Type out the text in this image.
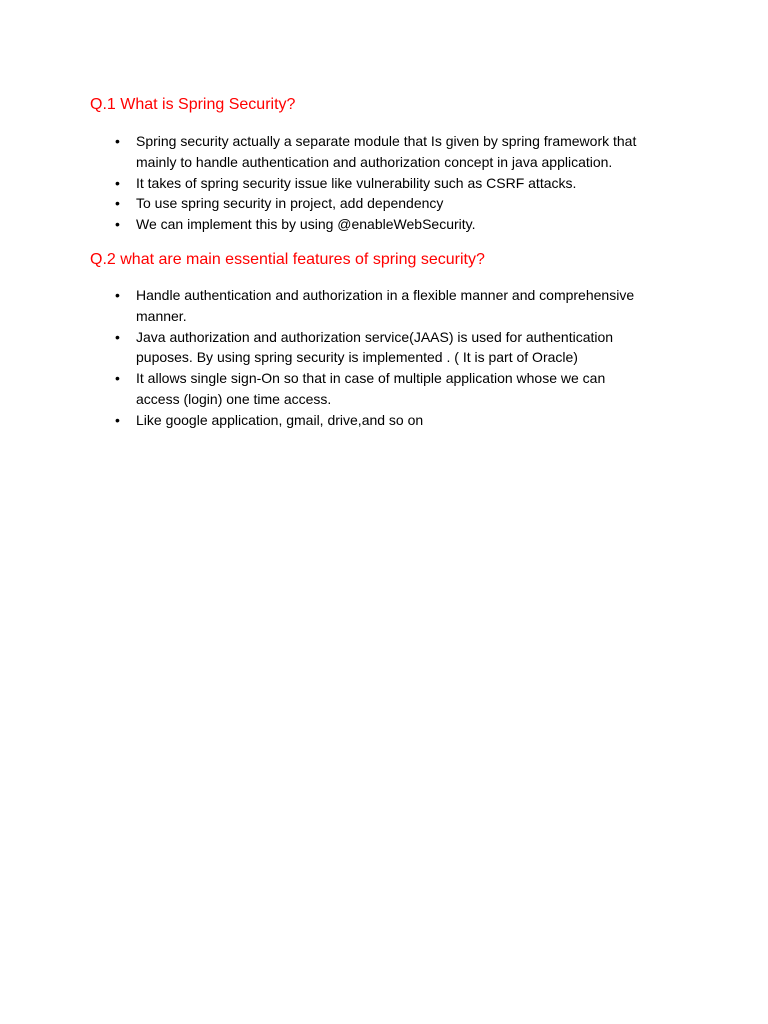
Q.1 What is Spring Security?
• Spring security actually a separate module that Is given by spring framework that
mainly to handle authentication and authorization concept in java application.
• It takes of spring security issue like vulnerability such as CSRF attacks.
• To use spring security in project, add dependency
• We can implement this by using @enableWebSecurity.
Q.2 what are main essential features of spring security?
• Handle authentication and authorization in a flexible manner and comprehensive
manner.
• Java authorization and authorization service(JAAS) is used for authentication
puposes. By using spring security is implemented . ( It is part of Oracle)
• It allows single sign-On so that in case of multiple application whose we can
access (login) one time access.
• Like google application, gmail, drive,and so on
